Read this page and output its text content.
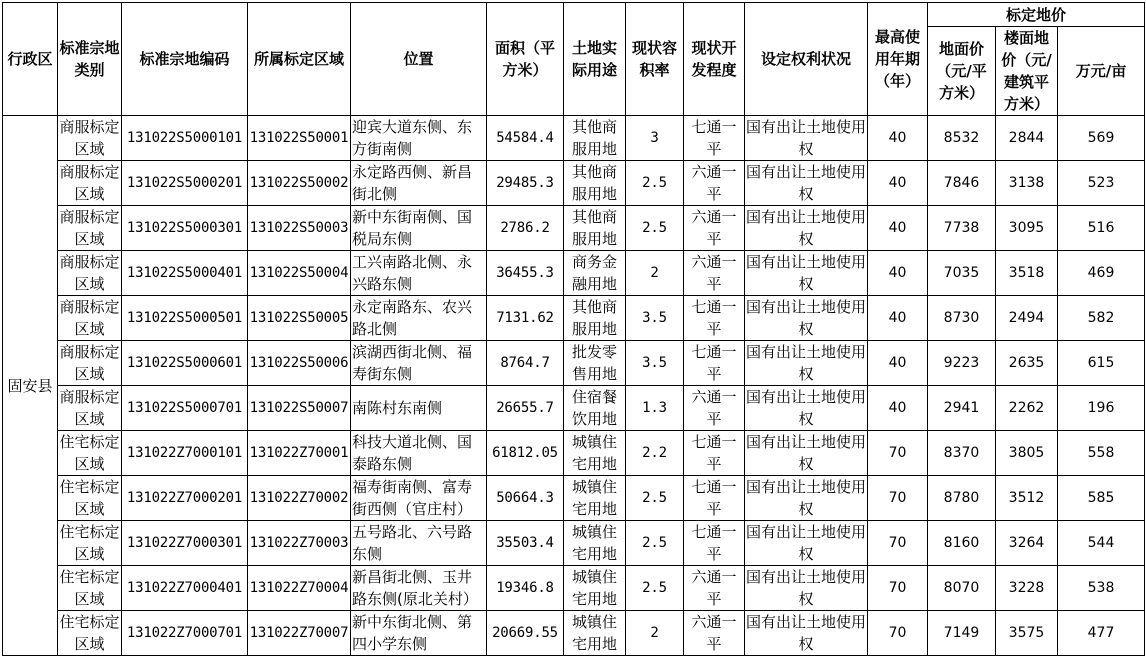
行政区	标准宗地类别	标准宗地编码	所属标定区域	位置	面积（平方米）	土地实际用途	现状容积率	现状开发程度	设定权利状况	最高使用年期（年）	标定地价		
											地面价（元/平方米）	楼面地价（元/建筑平方米）	万元/亩
固安县	商服标定区域	131022S5000101	131022S50001	迎宾大道东侧、东方街南侧	54584.4	其他商服用地	3	七通一平	国有出让土地使用权	40	8532	2844	569
	商服标定区域	131022S5000201	131022S50002	永定路西侧、新昌街北侧	29485.3	其他商服用地	2.5	六通一平	国有出让土地使用权	40	7846	3138	523
	商服标定区域	131022S5000301	131022S50003	新中东街南侧、国税局东侧	2786.2	其他商服用地	2.5	六通一平	国有出让土地使用权	40	7738	3095	516
	商服标定区域	131022S5000401	131022S50004	工兴南路北侧、永兴路东侧	36455.3	商务金融用地	2	六通一平	国有出让土地使用权	40	7035	3518	469
	商服标定区域	131022S5000501	131022S50005	永定南路东、农兴路北侧	7131.62	其他商服用地	3.5	七通一平	国有出让土地使用权	40	8730	2494	582
	商服标定区域	131022S5000601	131022S50006	滨湖西街北侧、福寿街东侧	8764.7	批发零售用地	3.5	七通一平	国有出让土地使用权	40	9223	2635	615
	商服标定区域	131022S5000701	131022S50007	南陈村东南侧	26655.7	住宿餐饮用地	1.3	六通一平	国有出让土地使用权	40	2941	2262	196
	住宅标定区域	131022Z7000101	131022Z70001	科技大道北侧、国泰路东侧	61812.05	城镇住宅用地	2.2	七通一平	国有出让土地使用权	70	8370	3805	558
	住宅标定区域	131022Z7000201	131022Z70002	福寿街南侧、富寿街西侧（官庄村）	50664.3	城镇住宅用地	2.5	七通一平	国有出让土地使用权	70	8780	3512	585
	住宅标定区域	131022Z7000301	131022Z70003	五号路北、六号路东侧	35503.4	城镇住宅用地	2.5	七通一平	国有出让土地使用权	70	8160	3264	544
	住宅标定区域	131022Z7000401	131022Z70004	新昌街北侧、玉井路东侧(原北关村）	19346.8	城镇住宅用地	2.5	六通一平	国有出让土地使用权	70	8070	3228	538
	住宅标定区域	131022Z7000701	131022Z70007	新中东街北侧、第四小学东侧	20669.55	城镇住宅用地	2	六通一平	国有出让土地使用权	70	7149	3575	477
